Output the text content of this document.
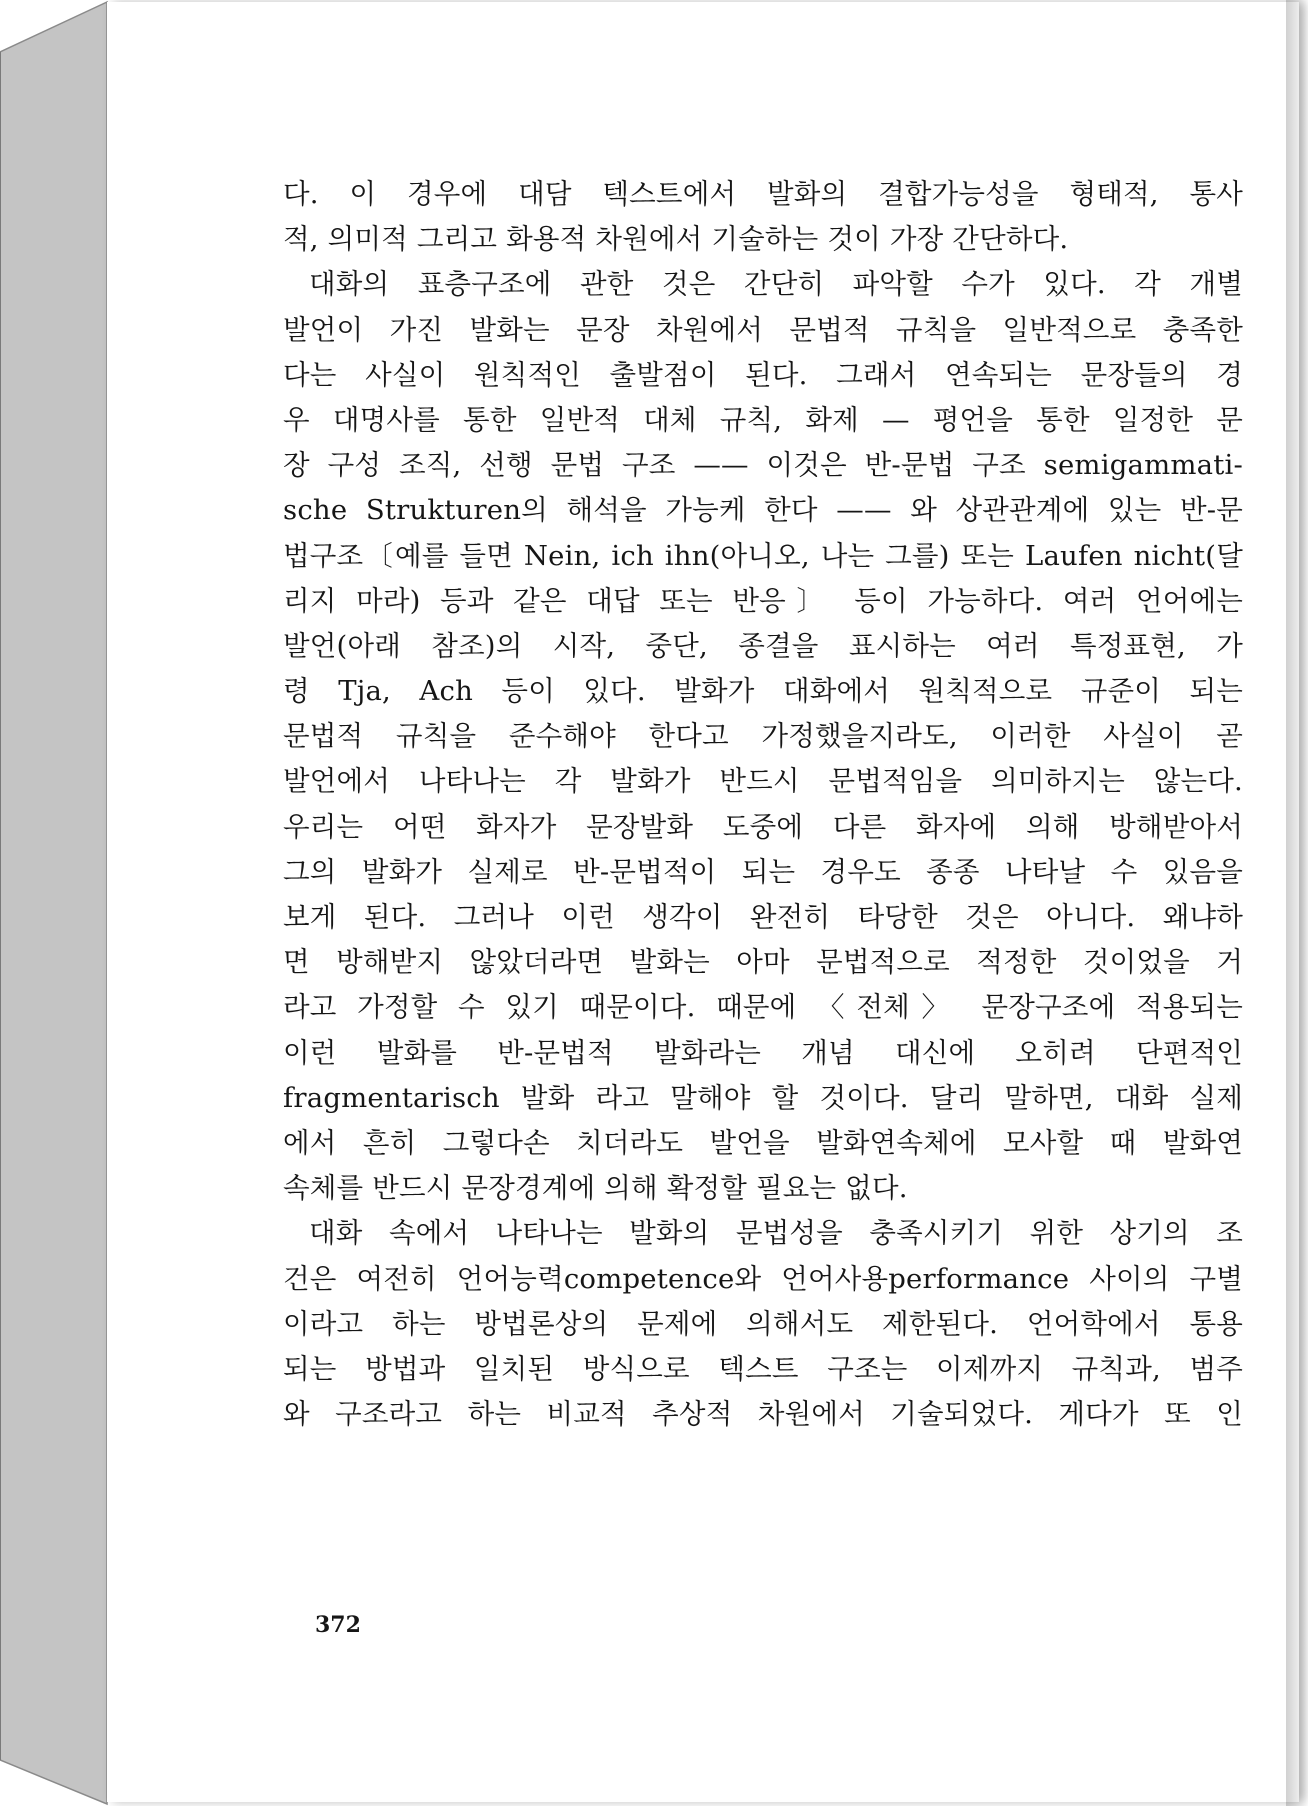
다. 이 경우에 대담 텍스트에서 발화의 결합가능성을 형태적, 통사
적, 의미적 그리고 화용적 차원에서 기술하는 것이 가장 간단하다.
대화의 표층구조에 관한 것은 간단히 파악할 수가 있다. 각 개별
발언이 가진 발화는 문장 차원에서 문법적 규칙을 일반적으로 충족한
다는 사실이 원칙적인 출발점이 된다. 그래서 연속되는 문장들의 경
우 대명사를 통한 일반적 대체 규칙, 화제 — 평언을 통한 일정한 문
장 구성 조직, 선행 문법 구조 —— 이것은 반-문법 구조 semigammati-
sche Strukturen의 해석을 가능케 한다 —— 와 상관관계에 있는 반-문
법구조〔예를 들면 Nein, ich ihn(아니오, 나는 그를) 또는 Laufen nicht(달
리지 마라) 등과 같은 대답 또는 반응〕 등이 가능하다. 여러 언어에는
발언(아래 참조)의 시작, 중단, 종결을 표시하는 여러 특정표현, 가
령 Tja, Ach 등이 있다. 발화가 대화에서 원칙적으로 규준이 되는
문법적 규칙을 준수해야 한다고 가정했을지라도, 이러한 사실이 곧
발언에서 나타나는 각 발화가 반드시 문법적임을 의미하지는 않는다.
우리는 어떤 화자가 문장발화 도중에 다른 화자에 의해 방해받아서
그의 발화가 실제로 반-문법적이 되는 경우도 종종 나타날 수 있음을
보게 된다. 그러나 이런 생각이 완전히 타당한 것은 아니다. 왜냐하
면 방해받지 않았더라면 발화는 아마 문법적으로 적정한 것이었을 거
라고 가정할 수 있기 때문이다. 때문에 〈전체〉 문장구조에 적용되는
이런 발화를 반-문법적 발화라는 개념 대신에 오히려 단편적인
fragmentarisch 발화 라고 말해야 할 것이다. 달리 말하면, 대화 실제
에서 흔히 그렇다손 치더라도 발언을 발화연속체에 모사할 때 발화연
속체를 반드시 문장경계에 의해 확정할 필요는 없다.
대화 속에서 나타나는 발화의 문법성을 충족시키기 위한 상기의 조
건은 여전히 언어능력competence와 언어사용performance 사이의 구별
이라고 하는 방법론상의 문제에 의해서도 제한된다. 언어학에서 통용
되는 방법과 일치된 방식으로 텍스트 구조는 이제까지 규칙과, 범주
와 구조라고 하는 비교적 추상적 차원에서 기술되었다. 게다가 또 인
372
